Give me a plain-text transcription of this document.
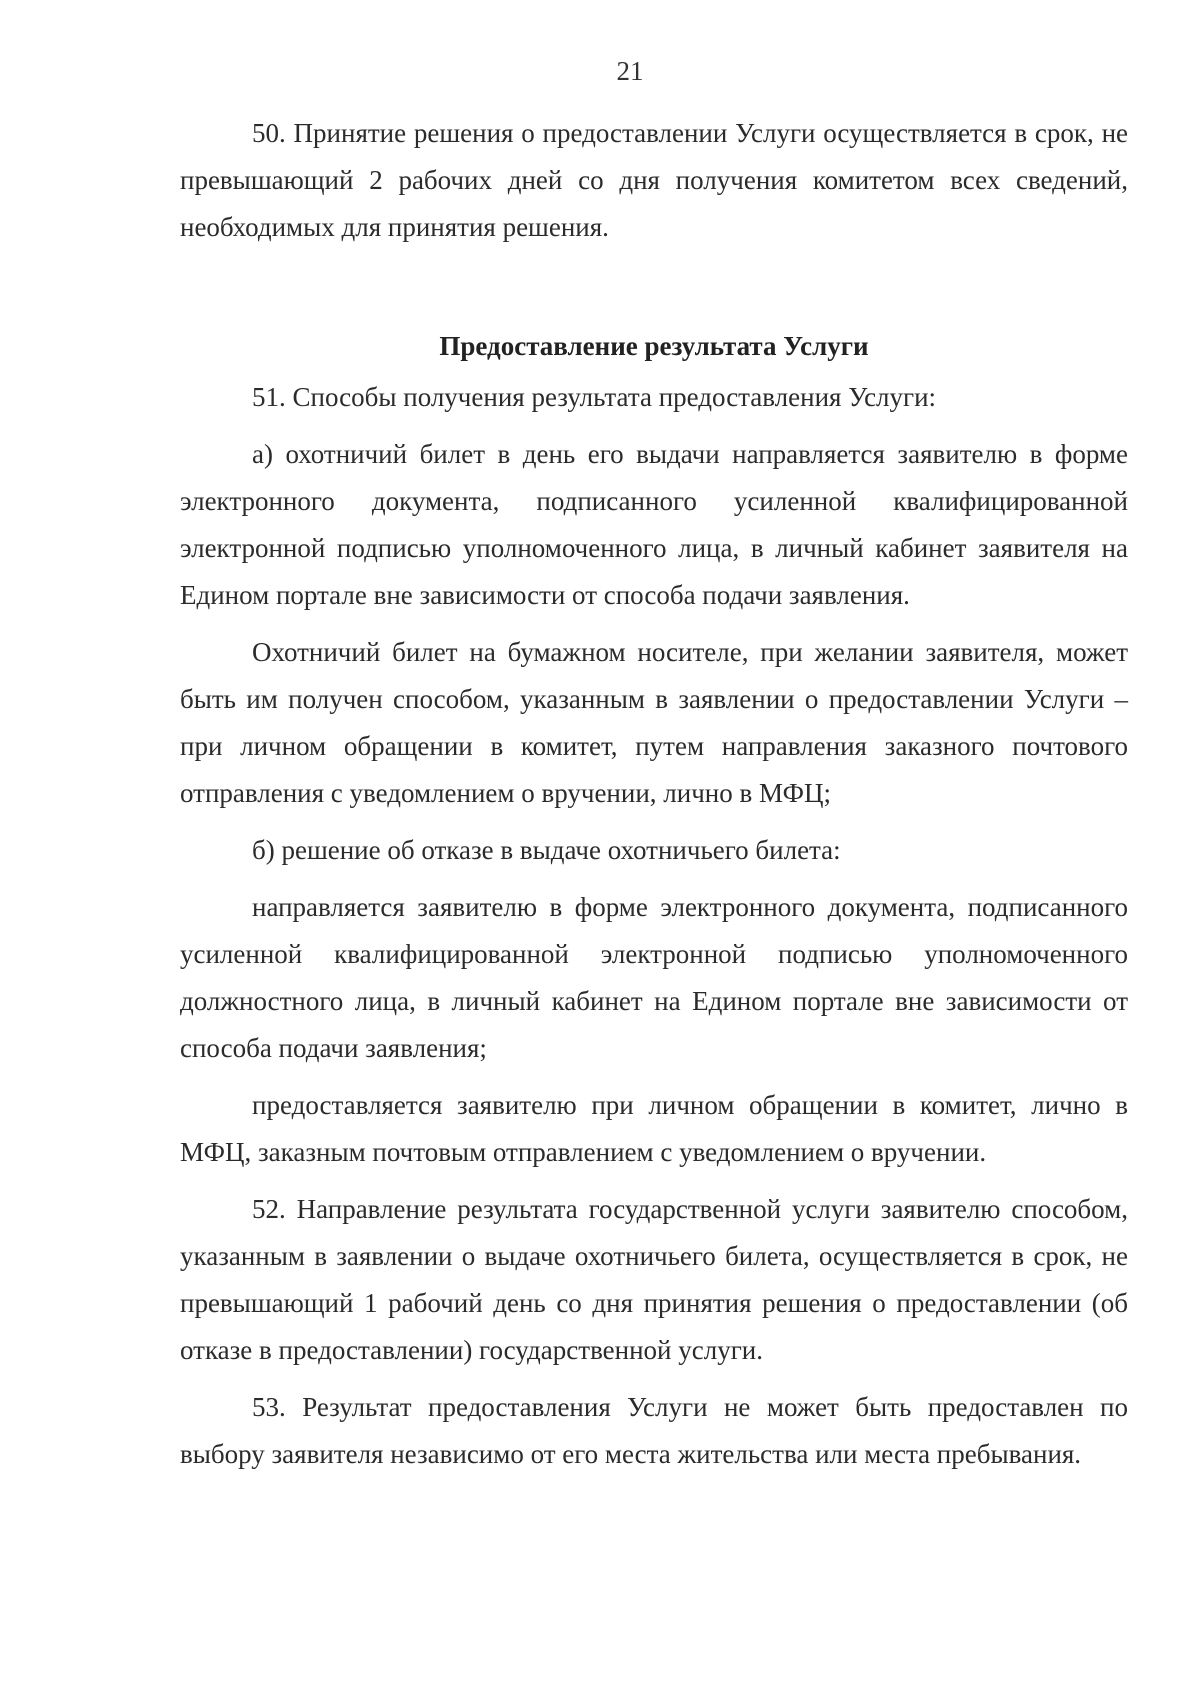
21

50. Принятие решения о предоставлении Услуги осуществляется в срок, не превышающий 2 рабочих дней со дня получения комитетом всех сведений, необходимых для принятия решения.

Предоставление результата Услуги

51. Способы получения результата предоставления Услуги:

а) охотничий билет в день его выдачи направляется заявителю в форме электронного документа, подписанного усиленной квалифицированной электронной подписью уполномоченного лица, в личный кабинет заявителя на Едином портале вне зависимости от способа подачи заявления.

Охотничий билет на бумажном носителе, при желании заявителя, может быть им получен способом, указанным в заявлении о предоставлении Услуги – при личном обращении в комитет, путем направления заказного почтового отправления с уведомлением о вручении, лично в МФЦ;

б) решение об отказе в выдаче охотничьего билета:

направляется заявителю в форме электронного документа, подписанного усиленной квалифицированной электронной подписью уполномоченного должностного лица, в личный кабинет на Едином портале вне зависимости от способа подачи заявления;

предоставляется заявителю при личном обращении в комитет, лично в МФЦ, заказным почтовым отправлением с уведомлением о вручении.

52. Направление результата государственной услуги заявителю способом, указанным в заявлении о выдаче охотничьего билета, осуществляется в срок, не превышающий 1 рабочий день со дня принятия решения о предоставлении (об отказе в предоставлении) государственной услуги.

53. Результат предоставления Услуги не может быть предоставлен по выбору заявителя независимо от его места жительства или места пребывания.
